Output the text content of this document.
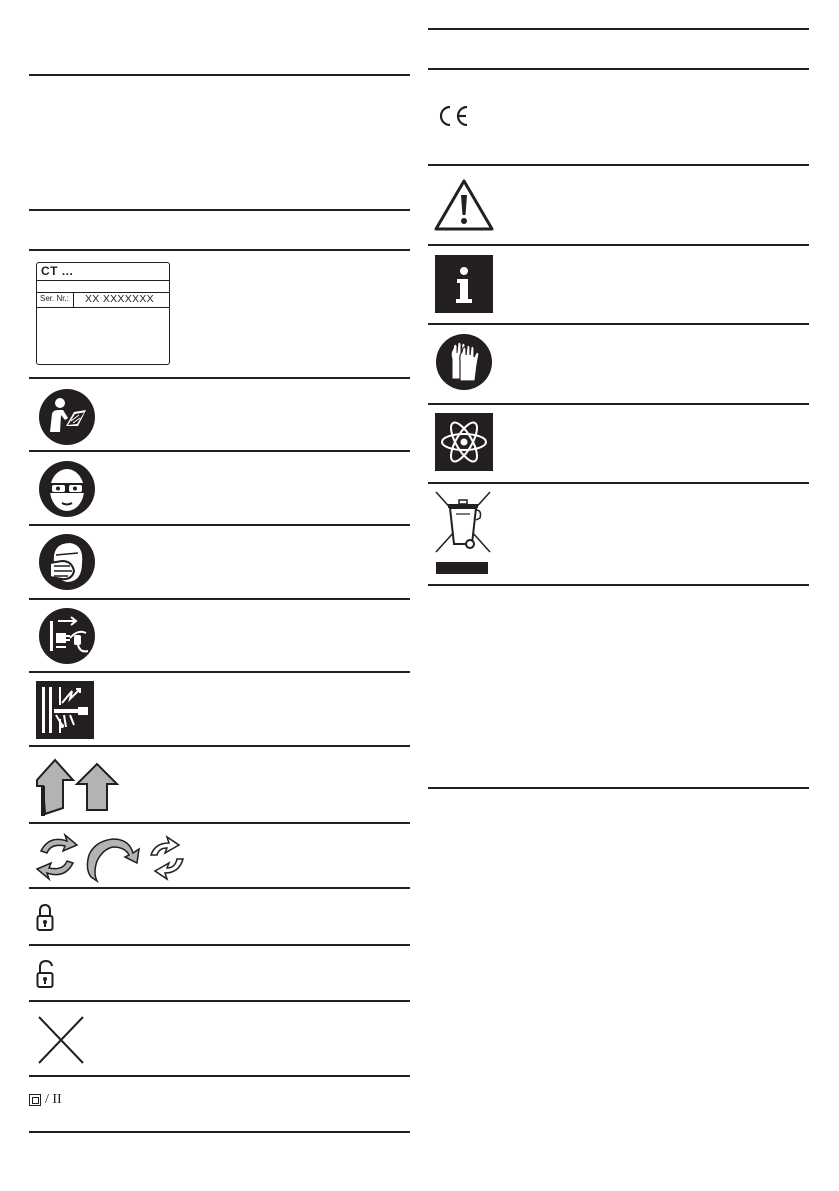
CT ...
Ser. Nr.: XX XXXXXXX
/ II
